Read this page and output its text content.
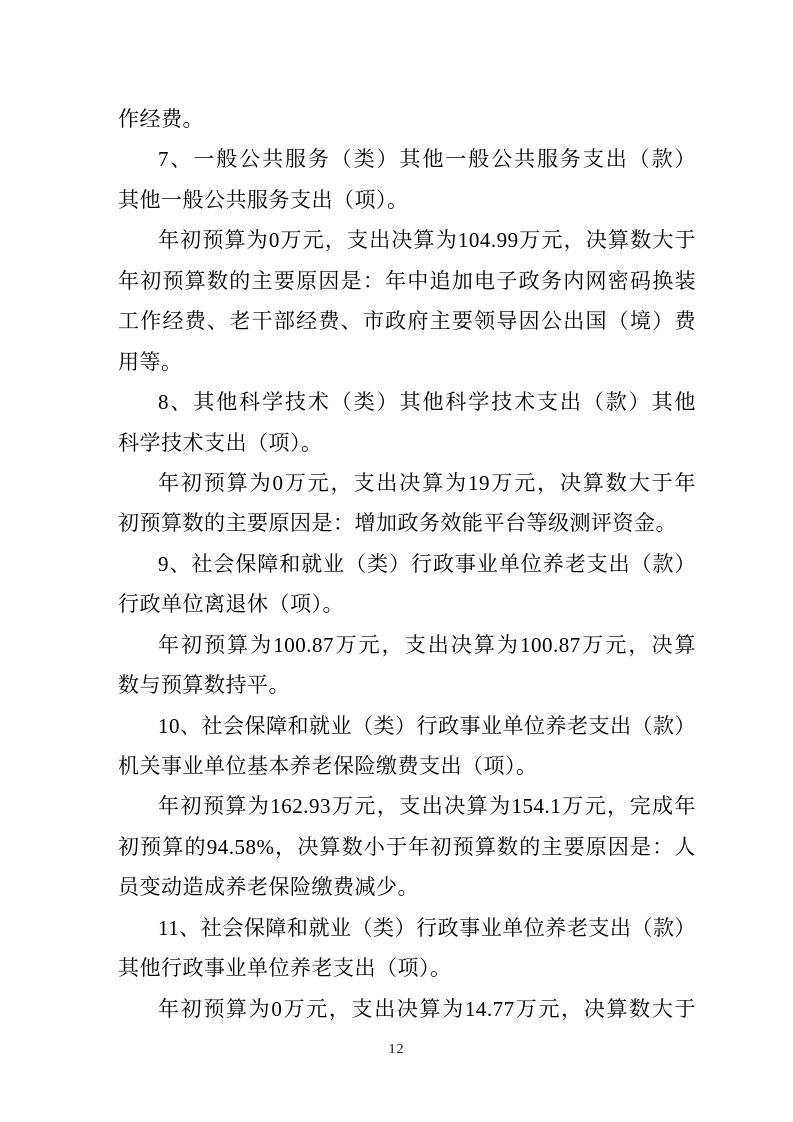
作经费。
7、一般公共服务（类）其他一般公共服务支出（款）
其他一般公共服务支出（项）。
年初预算为0万元，支出决算为104.99万元，决算数大于
年初预算数的主要原因是：年中追加电子政务内网密码换装
工作经费、老干部经费、市政府主要领导因公出国（境）费
用等。
8、其他科学技术（类）其他科学技术支出（款）其他
科学技术支出（项）。
年初预算为0万元，支出决算为19万元，决算数大于年
初预算数的主要原因是：增加政务效能平台等级测评资金。
9、社会保障和就业（类）行政事业单位养老支出（款）
行政单位离退休（项）。
年初预算为100.87万元，支出决算为100.87万元，决算
数与预算数持平。
10、社会保障和就业（类）行政事业单位养老支出（款）
机关事业单位基本养老保险缴费支出（项）。
年初预算为162.93万元，支出决算为154.1万元，完成年
初预算的94.58%，决算数小于年初预算数的主要原因是：人
员变动造成养老保险缴费减少。
11、社会保障和就业（类）行政事业单位养老支出（款）
其他行政事业单位养老支出（项）。
年初预算为0万元，支出决算为14.77万元，决算数大于
12
